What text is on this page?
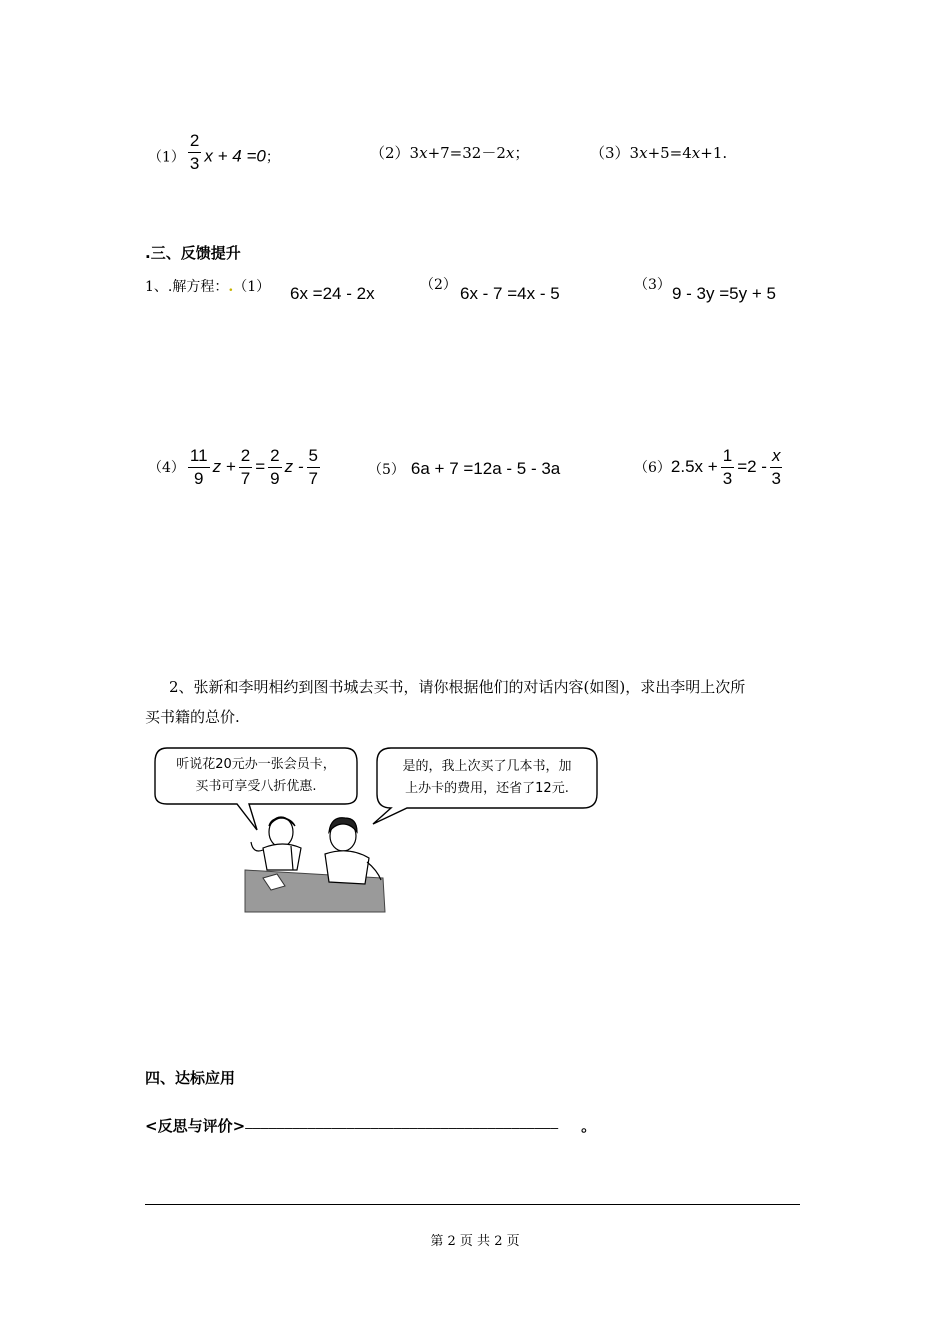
$(1) \frac{2}{3}$ x + 4 =0；	（2）3x+7=32－2x；	（3）3x+5=4x+1.
.三、反馈提升
1、.解方程：.（1） 6x =24 - 2x	（2） 6x - 7 =4x - 5	（3） 9 - 3y =5y + 5
$(4) \frac{11}{9}$ $z + \frac{2}{7} = \frac{2}{9}$ z - $\frac{5}{7}$	（5） 6a + 7 =12a - 5 - 3a	$(6)2.5x + \frac{1}{3} =2 - \frac{x}{3}$
2、张新和李明相约到图书城去买书，请你根据他们的对话内容(如图)，求出李明上次所
买书籍的总价.
听说花20元办一张会员卡，
买书可享受八折优惠.
是的，我上次买了几本书，加
上办卡的费用，还省了12元.
四、达标应用
<反思与评价>———————————————————————————————————————— 。
第 2 页 共 2 页
